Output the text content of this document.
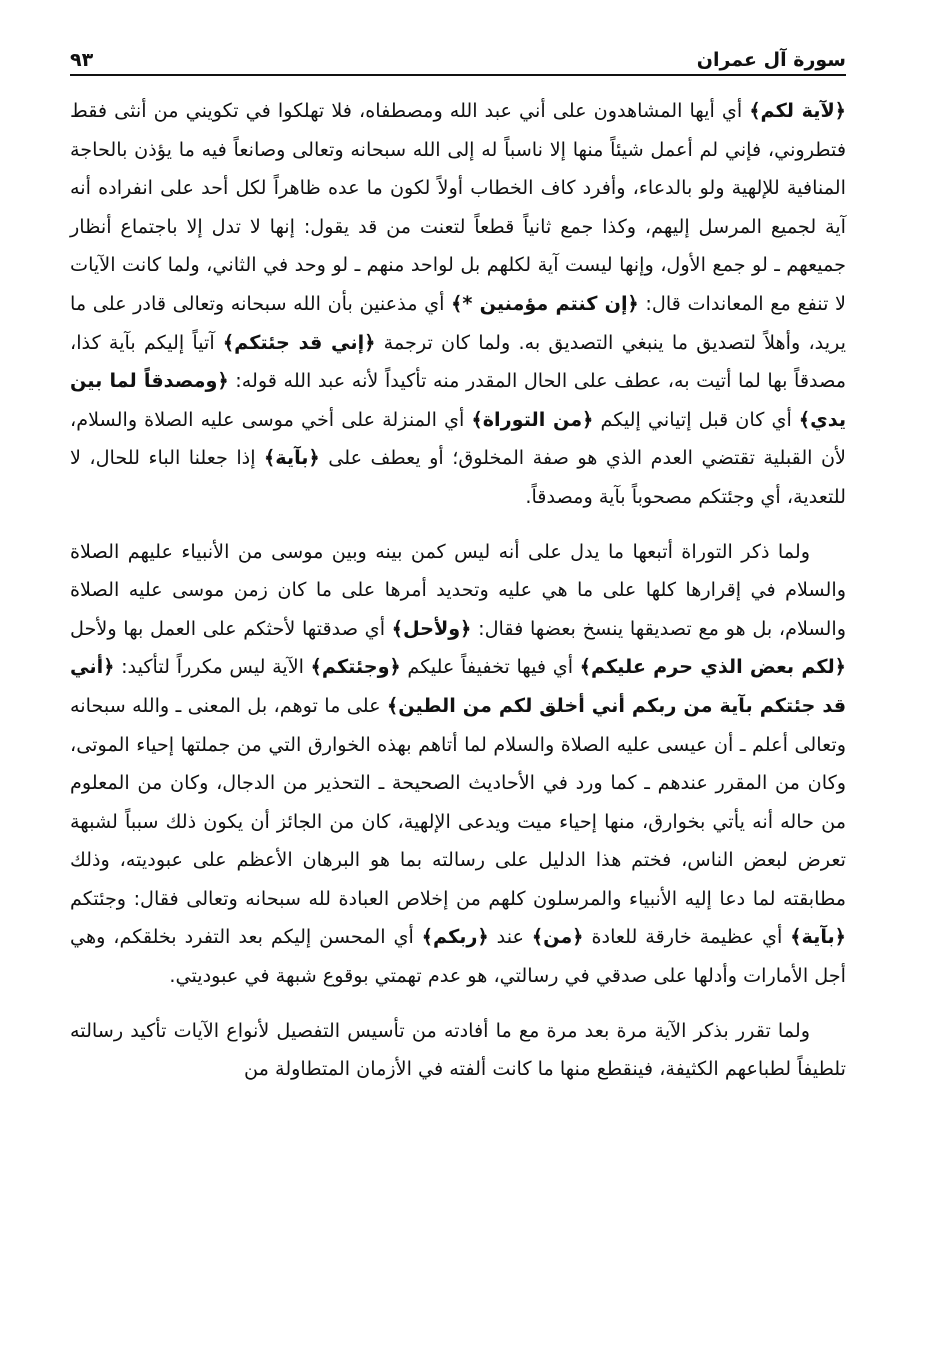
سورة آل عمران
٩٣

﴿لآية لكم﴾ أي أيها المشاهدون على أني عبد الله ومصطفاه، فلا تهلكوا في تكويني من أنثى فقط فتطروني، فإني لم أعمل شيئاً منها إلا ناسباً له إلى الله سبحانه وتعالى وصانعاً فيه ما يؤذن بالحاجة المنافية للإلهية ولو بالدعاء، وأفرد كاف الخطاب أولاً لكون ما عده ظاهراً لكل أحد على انفراده أنه آية لجميع المرسل إليهم، وكذا جمع ثانياً قطعاً لتعنت من قد يقول: إنها لا تدل إلا باجتماع أنظار جميعهم ـ لو جمع الأول، وإنها ليست آية لكلهم بل لواحد منهم ـ لو وحد في الثاني، ولما كانت الآيات لا تنفع مع المعاندات قال: ﴿إن كنتم مؤمنين *﴾ أي مذعنين بأن الله سبحانه وتعالى قادر على ما يريد، وأهلاً لتصديق ما ينبغي التصديق به. ولما كان ترجمة ﴿إني قد جئتكم﴾ آتياً إليكم بآية كذا، مصدقاً بها لما أتيت به، عطف على الحال المقدر منه تأكيداً لأنه عبد الله قوله: ﴿ومصدقاً لما بين يدي﴾ أي كان قبل إتياني إليكم ﴿من التوراة﴾ أي المنزلة على أخي موسى عليه الصلاة والسلام، لأن القبلية تقتضي العدم الذي هو صفة المخلوق؛ أو يعطف على ﴿بآية﴾ إذا جعلنا الباء للحال، لا للتعدية، أي وجئتكم مصحوباً بآية ومصدقاً.

ولما ذكر التوراة أتبعها ما يدل على أنه ليس كمن بينه وبين موسى من الأنبياء عليهم الصلاة والسلام في إقرارها كلها على ما هي عليه وتحديد أمرها على ما كان زمن موسى عليه الصلاة والسلام، بل هو مع تصديقها ينسخ بعضها فقال: ﴿ولأحل﴾ أي صدقتها لأحثكم على العمل بها ولأحل ﴿لكم بعض الذي حرم عليكم﴾ أي فيها تخفيفاً عليكم ﴿وجئتكم﴾ الآية ليس مكرراً لتأكيد: ﴿أني قد جئتكم بآية من ربكم أني أخلق لكم من الطين﴾ على ما توهم، بل المعنى ـ والله سبحانه وتعالى أعلم ـ أن عيسى عليه الصلاة والسلام لما أتاهم بهذه الخوارق التي من جملتها إحياء الموتى، وكان من المقرر عندهم ـ كما ورد في الأحاديث الصحيحة ـ التحذير من الدجال، وكان من المعلوم من حاله أنه يأتي بخوارق، منها إحياء ميت ويدعى الإلهية، كان من الجائز أن يكون ذلك سبباً لشبهة تعرض لبعض الناس، فختم هذا الدليل على رسالته بما هو البرهان الأعظم على عبوديته، وذلك مطابقته لما دعا إليه الأنبياء والمرسلون كلهم من إخلاص العبادة لله سبحانه وتعالى فقال: وجئتكم ﴿بآية﴾ أي عظيمة خارقة للعادة ﴿من﴾ عند ﴿ربكم﴾ أي المحسن إليكم بعد التفرد بخلقكم، وهي أجل الأمارات وأدلها على صدقي في رسالتي، هو عدم تهمتي بوقوع شبهة في عبوديتي.

ولما تقرر بذكر الآية مرة بعد مرة مع ما أفادته من تأسيس التفصيل لأنواع الآيات تأكيد رسالته تلطيفاً لطباعهم الكثيفة، فينقطع منها ما كانت ألفته في الأزمان المتطاولة من
